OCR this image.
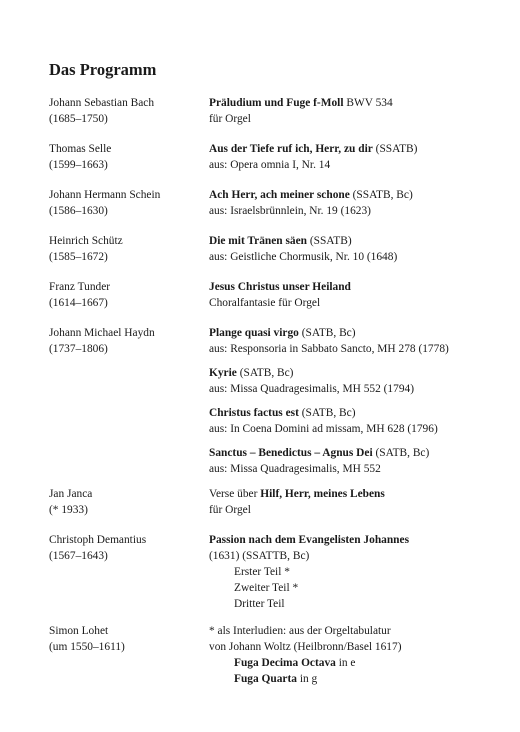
Das Programm
Johann Sebastian Bach
(1685–1750)
Präludium und Fuge f-Moll BWV 534
für Orgel
Thomas Selle
(1599–1663)
Aus der Tiefe ruf ich, Herr, zu dir (SSATB)
aus: Opera omnia I, Nr. 14
Johann Hermann Schein
(1586–1630)
Ach Herr, ach meiner schone (SSATB, Bc)
aus: Israelsbrünnlein, Nr. 19 (1623)
Heinrich Schütz
(1585–1672)
Die mit Tränen säen (SSATB)
aus: Geistliche Chormusik, Nr. 10 (1648)
Franz Tunder
(1614–1667)
Jesus Christus unser Heiland
Choralfantasie für Orgel
Johann Michael Haydn
(1737–1806)
Plange quasi virgo (SATB, Bc)
aus: Responsoria in Sabbato Sancto, MH 278 (1778)
Kyrie (SATB, Bc)
aus: Missa Quadragesimalis, MH 552 (1794)
Christus factus est (SATB, Bc)
aus: In Coena Domini ad missam, MH 628 (1796)
Sanctus – Benedictus – Agnus Dei (SATB, Bc)
aus: Missa Quadragesimalis, MH 552
Jan Janca
(* 1933)
Verse über Hilf, Herr, meines Lebens
für Orgel
Christoph Demantius
(1567–1643)
Passion nach dem Evangelisten Johannes
(1631) (SSATTB, Bc)
Erster Teil *
Zweiter Teil *
Dritter Teil
Simon Lohet
(um 1550–1611)
* als Interludien: aus der Orgeltabulatur
von Johann Woltz (Heilbronn/Basel 1617)
Fuga Decima Octava in e
Fuga Quarta in g
